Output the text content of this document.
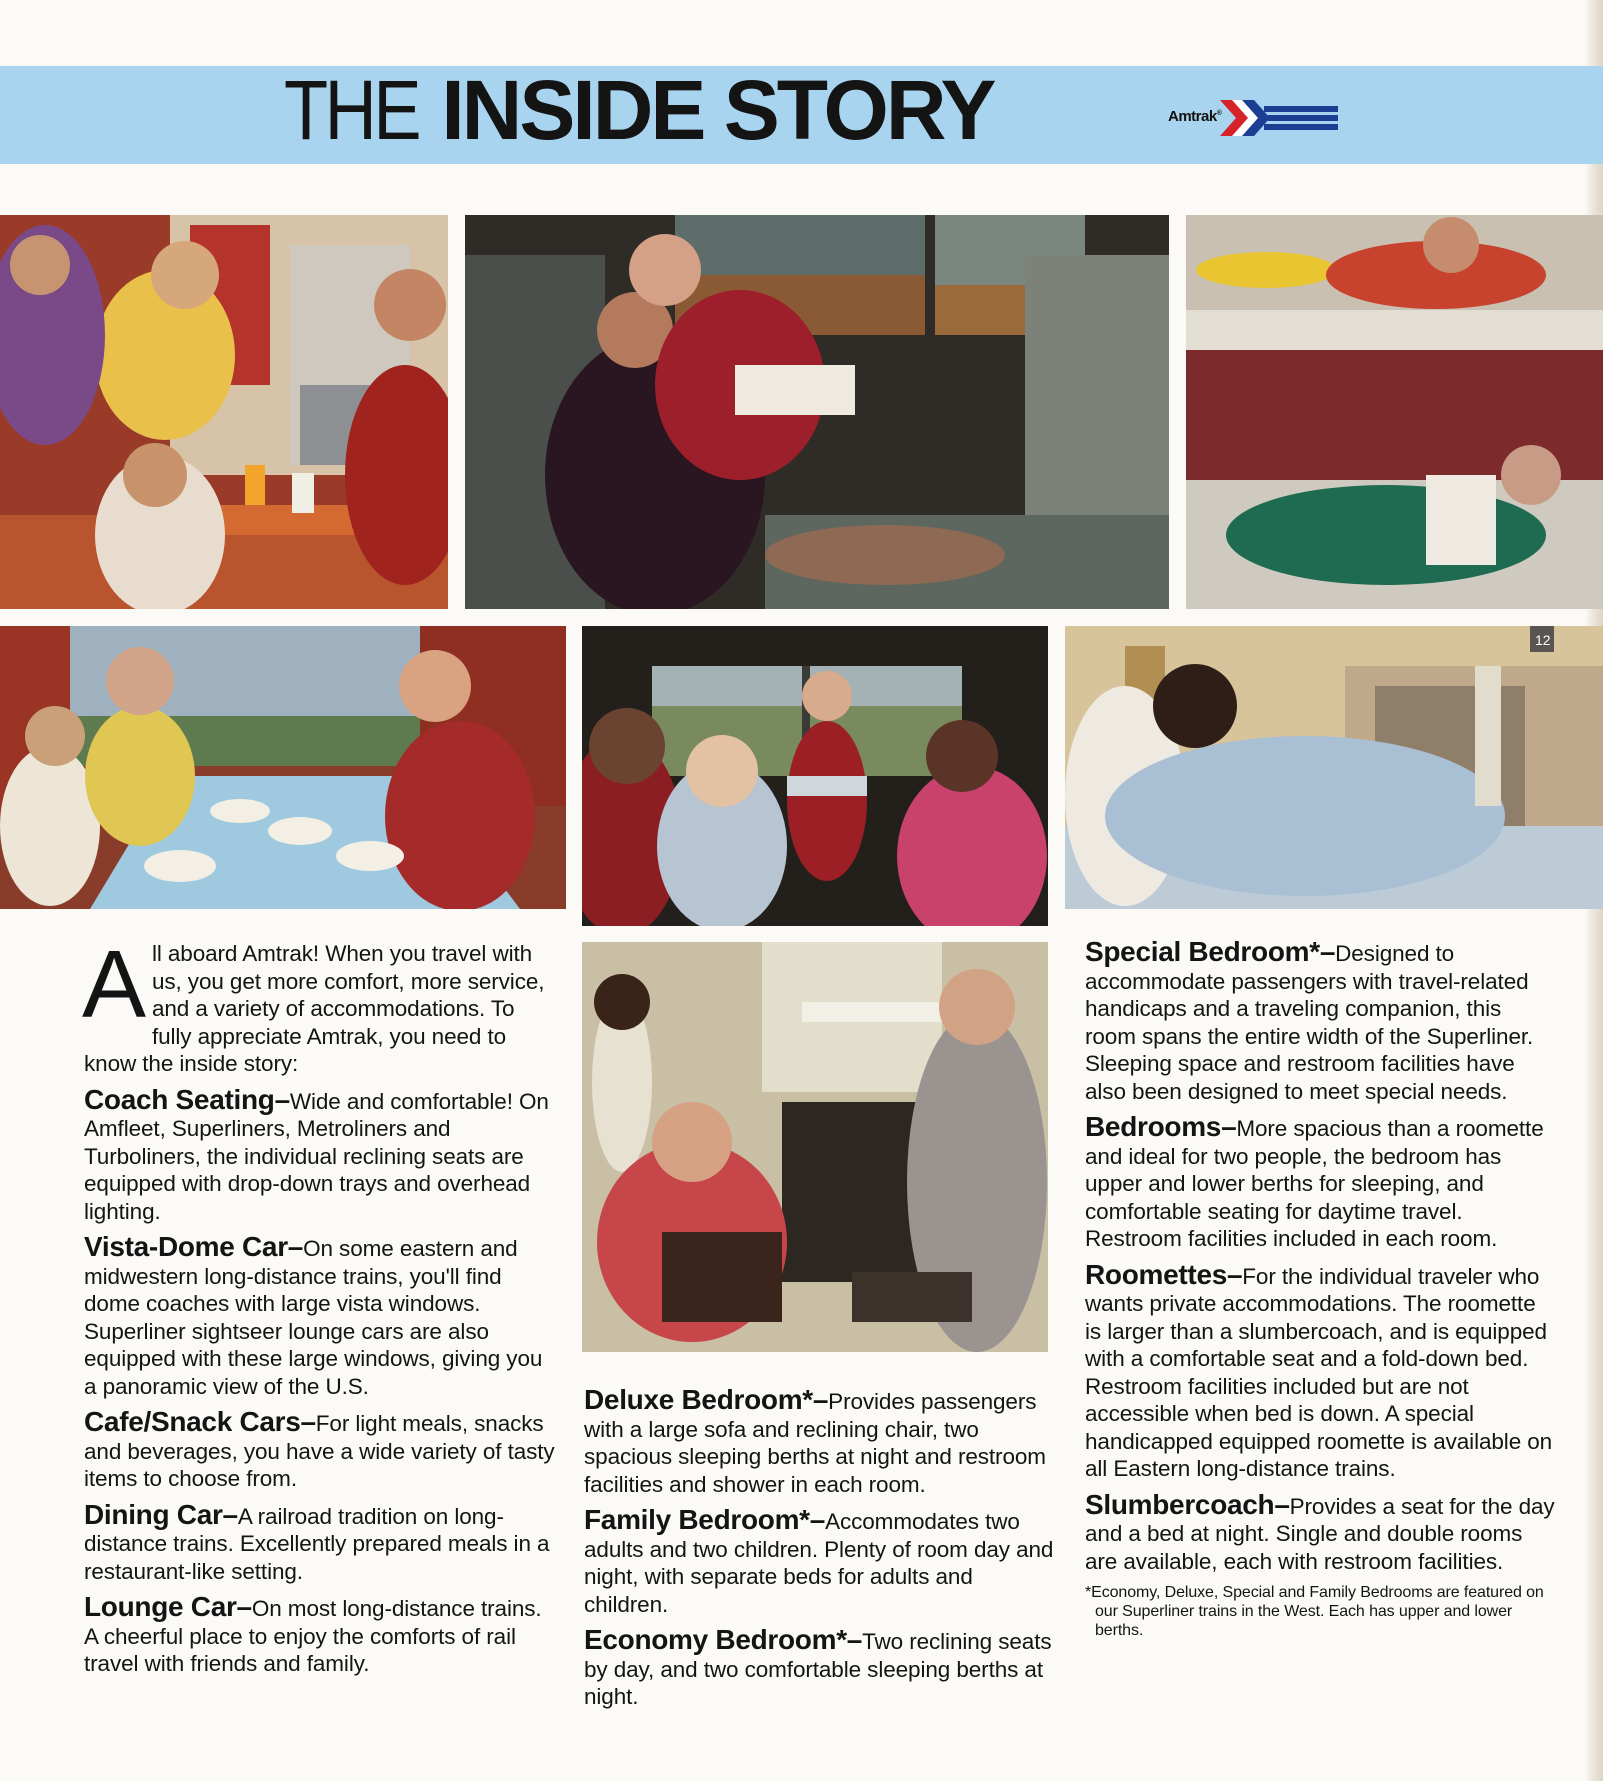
THE INSIDE STORY	Amtrak®
12

All aboard Amtrak! When you travel with us, you get more comfort, more service, and a variety of accommodations. To fully appreciate Amtrak, you need to know the inside story:

Coach Seating–Wide and comfortable! On Amfleet, Superliners, Metroliners and Turboliners, the individual reclining seats are equipped with drop-down trays and overhead lighting.

Vista-Dome Car–On some eastern and midwestern long-distance trains, you'll find dome coaches with large vista windows. Superliner sightseer lounge cars are also equipped with these large windows, giving you a panoramic view of the U.S.

Cafe/Snack Cars–For light meals, snacks and beverages, you have a wide variety of tasty items to choose from.

Dining Car–A railroad tradition on long-distance trains. Excellently prepared meals in a restaurant-like setting.

Lounge Car–On most long-distance trains. A cheerful place to enjoy the comforts of rail travel with friends and family.

Deluxe Bedroom*–Provides passengers with a large sofa and reclining chair, two spacious sleeping berths at night and restroom facilities and shower in each room.

Family Bedroom*–Accommodates two adults and two children. Plenty of room day and night, with separate beds for adults and children.

Economy Bedroom*–Two reclining seats by day, and two comfortable sleeping berths at night.

Special Bedroom*–Designed to accommodate passengers with travel-related handicaps and a traveling companion, this room spans the entire width of the Superliner. Sleeping space and restroom facilities have also been designed to meet special needs.

Bedrooms–More spacious than a roomette and ideal for two people, the bedroom has upper and lower berths for sleeping, and comfortable seating for daytime travel. Restroom facilities included in each room.

Roomettes–For the individual traveler who wants private accommodations. The roomette is larger than a slumbercoach, and is equipped with a comfortable seat and a fold-down bed. Restroom facilities included but are not accessible when bed is down. A special handicapped equipped roomette is available on all Eastern long-distance trains.

Slumbercoach–Provides a seat for the day and a bed at night. Single and double rooms are available, each with restroom facilities.

*Economy, Deluxe, Special and Family Bedrooms are featured on our Superliner trains in the West. Each has upper and lower berths.
